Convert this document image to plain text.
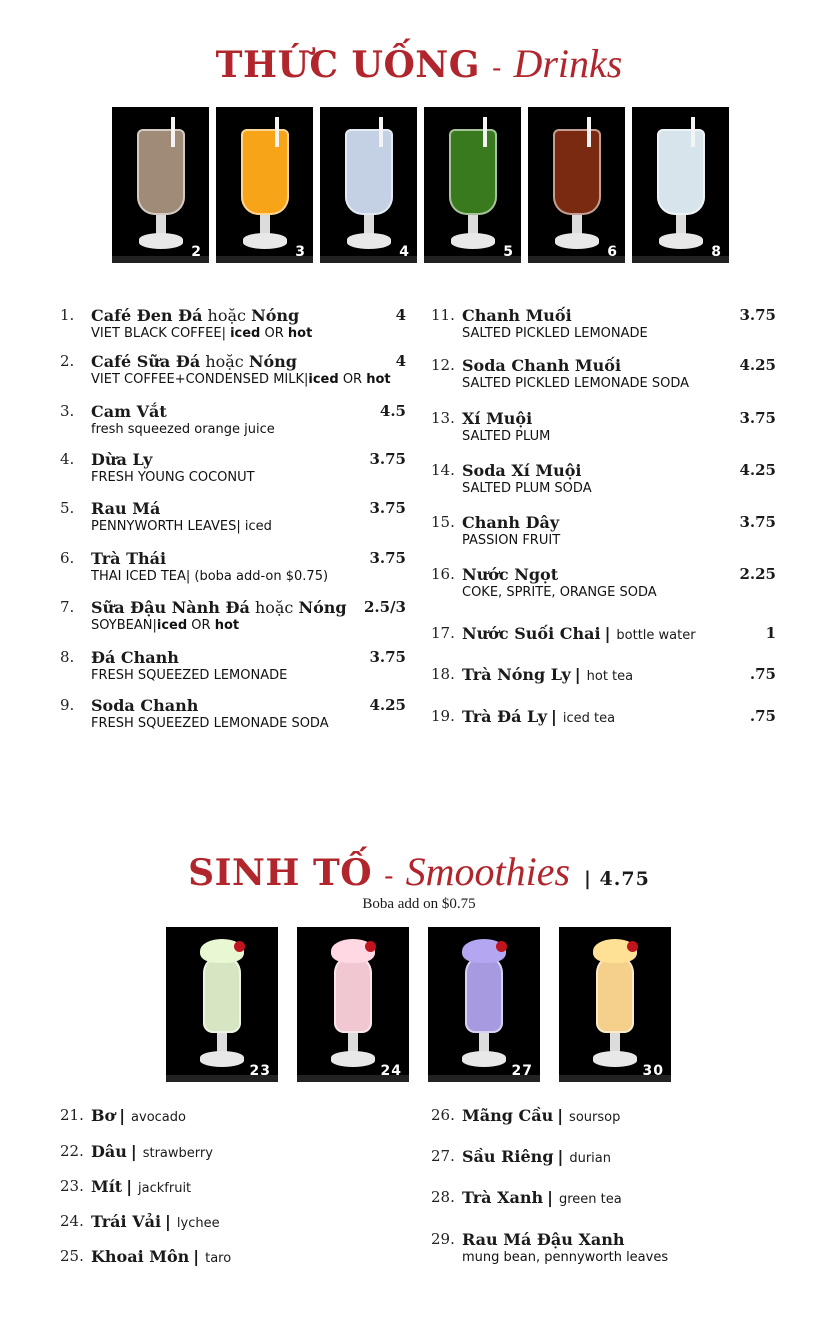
THỨC UỐNG - Drinks
2	3	4	5	6	8
1. Café Đen Đá hoặc Nóng
VIET BLACK COFFEE| iced OR hot
4
2. Café Sữa Đá hoặc Nóng
VIET COFFEE+CONDENSED MILK|iced OR hot
4
3. Cam Vắt
fresh squeezed orange juice
4.5
4. Dừa Ly
FRESH YOUNG COCONUT
3.75
5. Rau Má
PENNYWORTH LEAVES| iced
3.75
6. Trà Thái
THAI ICED TEA| (boba add-on $0.75)
3.75
7. Sữa Đậu Nành Đá hoặc Nóng
SOYBEAN|iced OR hot
2.5/3
8. Đá Chanh
FRESH SQUEEZED LEMONADE
3.75
9. Soda Chanh
FRESH SQUEEZED LEMONADE SODA
4.25
11. Chanh Muối
SALTED PICKLED LEMONADE
3.75
12. Soda Chanh Muối
SALTED PICKLED LEMONADE SODA
4.25
13. Xí Muội
SALTED PLUM
3.75
14. Soda Xí Muội
SALTED PLUM SODA
4.25
15. Chanh Dây
PASSION FRUIT
3.75
16. Nước Ngọt
COKE, SPRITE, ORANGE SODA
2.25
17. Nước Suối Chai | bottle water	1
18. Trà Nóng Ly | hot tea	.75
19. Trà Đá Ly | iced tea	.75
SINH TỐ - Smoothies | 4.75
Boba add on $0.75
23	24	27	30
21. Bơ | avocado
22. Dâu | strawberry
23. Mít | jackfruit
24. Trái Vải | lychee
25. Khoai Môn | taro
26. Mãng Cầu | soursop
27. Sầu Riêng | durian
28. Trà Xanh | green tea
29. Rau Má Đậu Xanh
mung bean, pennyworth leaves
